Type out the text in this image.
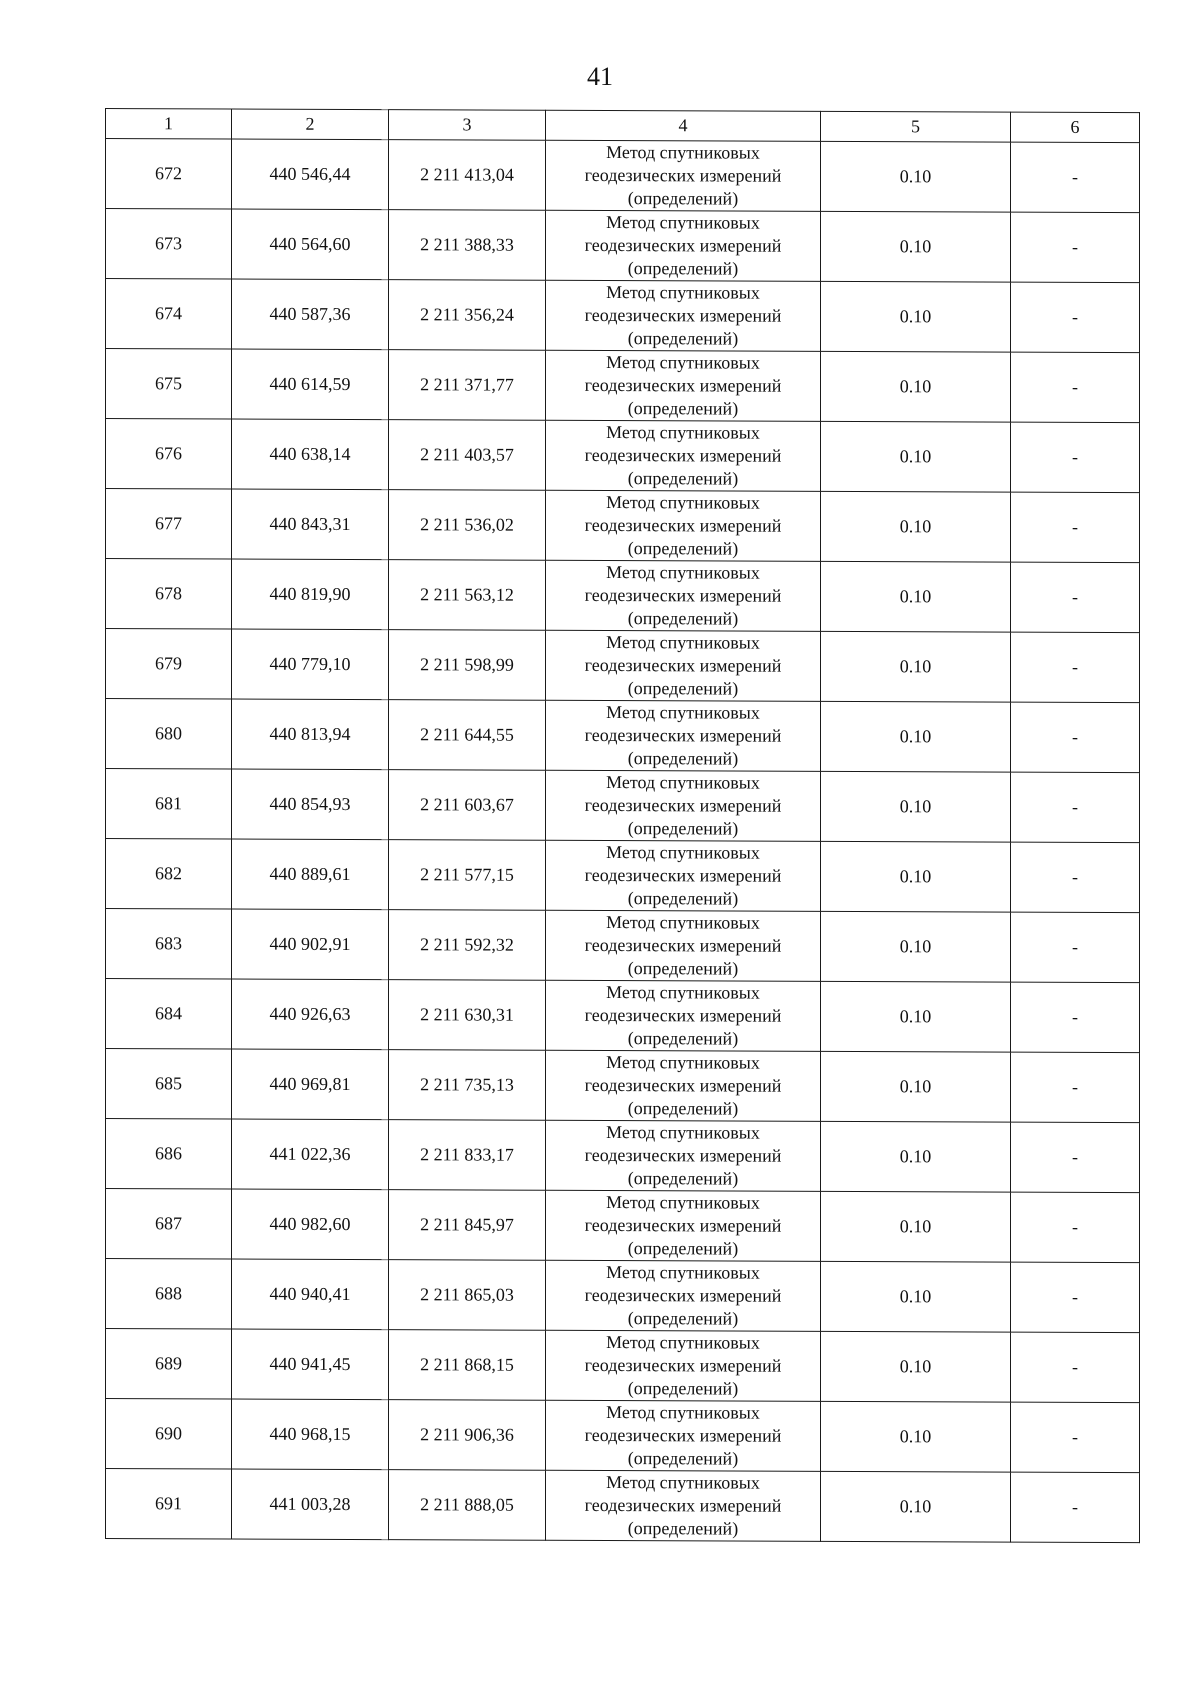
41
1	2	3	4	5	6
672	440 546,44	2 211 413,04	Метод спутниковых
геодезических измерений
(определений)	0.10	-
673	440 564,60	2 211 388,33	Метод спутниковых
геодезических измерений
(определений)	0.10	-
674	440 587,36	2 211 356,24	Метод спутниковых
геодезических измерений
(определений)	0.10	-
675	440 614,59	2 211 371,77	Метод спутниковых
геодезических измерений
(определений)	0.10	-
676	440 638,14	2 211 403,57	Метод спутниковых
геодезических измерений
(определений)	0.10	-
677	440 843,31	2 211 536,02	Метод спутниковых
геодезических измерений
(определений)	0.10	-
678	440 819,90	2 211 563,12	Метод спутниковых
геодезических измерений
(определений)	0.10	-
679	440 779,10	2 211 598,99	Метод спутниковых
геодезических измерений
(определений)	0.10	-
680	440 813,94	2 211 644,55	Метод спутниковых
геодезических измерений
(определений)	0.10	-
681	440 854,93	2 211 603,67	Метод спутниковых
геодезических измерений
(определений)	0.10	-
682	440 889,61	2 211 577,15	Метод спутниковых
геодезических измерений
(определений)	0.10	-
683	440 902,91	2 211 592,32	Метод спутниковых
геодезических измерений
(определений)	0.10	-
684	440 926,63	2 211 630,31	Метод спутниковых
геодезических измерений
(определений)	0.10	-
685	440 969,81	2 211 735,13	Метод спутниковых
геодезических измерений
(определений)	0.10	-
686	441 022,36	2 211 833,17	Метод спутниковых
геодезических измерений
(определений)	0.10	-
687	440 982,60	2 211 845,97	Метод спутниковых
геодезических измерений
(определений)	0.10	-
688	440 940,41	2 211 865,03	Метод спутниковых
геодезических измерений
(определений)	0.10	-
689	440 941,45	2 211 868,15	Метод спутниковых
геодезических измерений
(определений)	0.10	-
690	440 968,15	2 211 906,36	Метод спутниковых
геодезических измерений
(определений)	0.10	-
691	441 003,28	2 211 888,05	Метод спутниковых
геодезических измерений
(определений)	0.10	-
